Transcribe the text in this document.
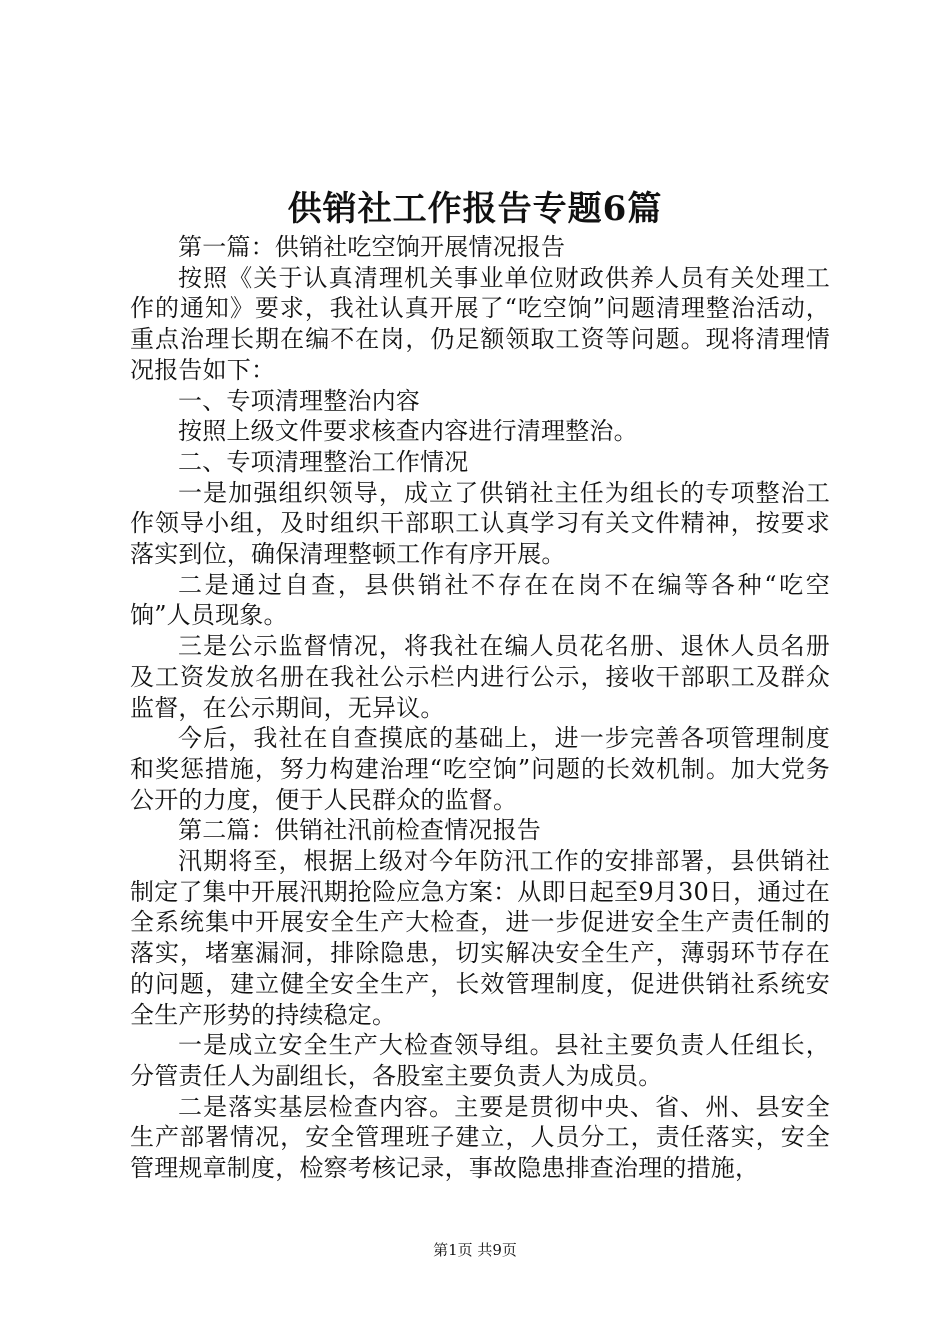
供销社工作报告专题6篇

第一篇：供销社吃空饷开展情况报告

按照《关于认真清理机关事业单位财政供养人员有关处理工作的通知》要求，我社认真开展了“吃空饷”问题清理整治活动，重点治理长期在编不在岗，仍足额领取工资等问题。现将清理情况报告如下：

一、专项清理整治内容

按照上级文件要求核查内容进行清理整治。

二、专项清理整治工作情况

一是加强组织领导，成立了供销社主任为组长的专项整治工作领导小组，及时组织干部职工认真学习有关文件精神，按要求落实到位，确保清理整顿工作有序开展。

二是通过自查，县供销社不存在在岗不在编等各种“吃空饷”人员现象。

三是公示监督情况，将我社在编人员花名册、退休人员名册及工资发放名册在我社公示栏内进行公示，接收干部职工及群众监督，在公示期间，无异议。

今后，我社在自查摸底的基础上，进一步完善各项管理制度和奖惩措施，努力构建治理“吃空饷”问题的长效机制。加大党务公开的力度，便于人民群众的监督。

第二篇：供销社汛前检查情况报告

汛期将至，根据上级对今年防汛工作的安排部署，县供销社制定了集中开展汛期抢险应急方案：从即日起至9月30日，通过在全系统集中开展安全生产大检查，进一步促进安全生产责任制的落实，堵塞漏洞，排除隐患，切实解决安全生产，薄弱环节存在的问题，建立健全安全生产，长效管理制度，促进供销社系统安全生产形势的持续稳定。

一是成立安全生产大检查领导组。县社主要负责人任组长，分管责任人为副组长，各股室主要负责人为成员。

二是落实基层检查内容。主要是贯彻中央、省、州、县安全生产部署情况，安全管理班子建立，人员分工，责任落实，安全管理规章制度，检察考核记录，事故隐患排查治理的措施，

第1页 共9页
